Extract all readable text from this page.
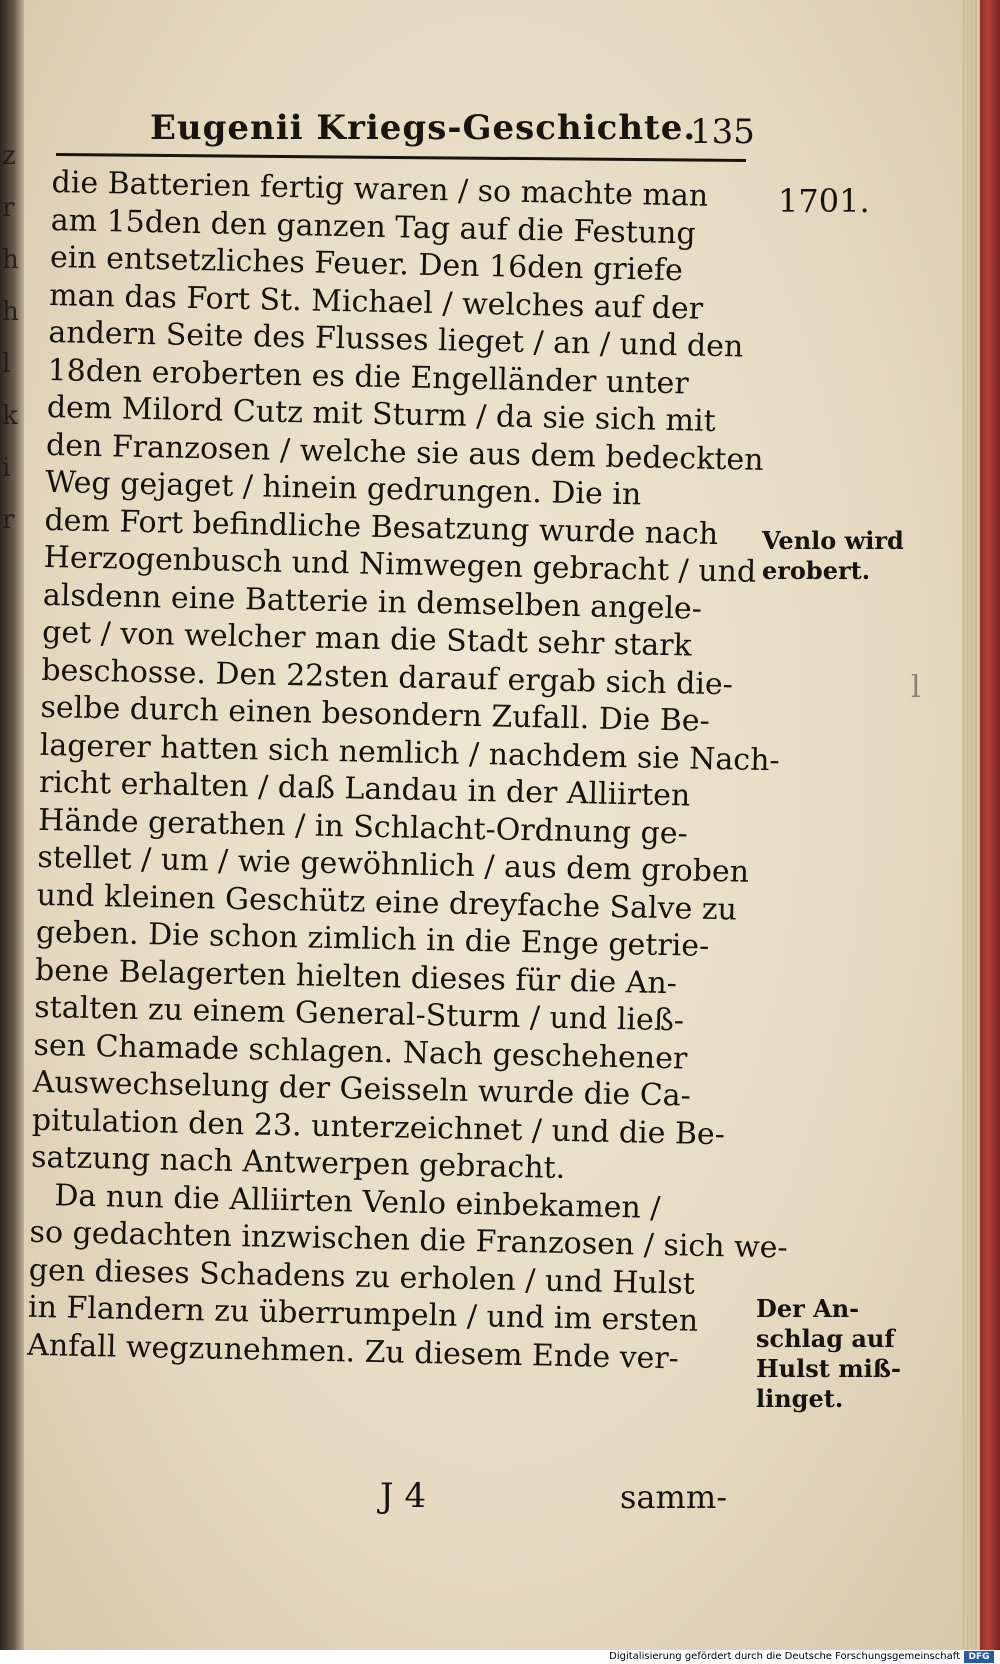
z
r
h
h
l
k
i
r
Eugenii Kriegs-Geschichte.
135
1701.
die Batterien fertig waren / so machte man
am 15den den ganzen Tag auf die Festung
ein entsetzliches Feuer. Den 16den griefe
man das Fort St. Michael / welches auf der
andern Seite des Flusses lieget / an / und den
18den eroberten es die Engelländer unter
dem Milord Cutz mit Sturm / da sie sich mit
den Franzosen / welche sie aus dem bedeckten
Weg gejaget / hinein gedrungen. Die in
dem Fort befindliche Besatzung wurde nach
Herzogenbusch und Nimwegen gebracht / und
alsdenn eine Batterie in demselben angele-
get / von welcher man die Stadt sehr stark
beschosse. Den 22sten darauf ergab sich die-
selbe durch einen besondern Zufall. Die Be-
lagerer hatten sich nemlich / nachdem sie Nach-
richt erhalten / daß Landau in der Alliirten
Hände gerathen / in Schlacht-Ordnung ge-
stellet / um / wie gewöhnlich / aus dem groben
und kleinen Geschütz eine dreyfache Salve zu
geben. Die schon zimlich in die Enge getrie-
bene Belagerten hielten dieses für die An-
stalten zu einem General-Sturm / und ließ-
sen Chamade schlagen. Nach geschehener
Auswechselung der Geisseln wurde die Ca-
pitulation den 23. unterzeichnet / und die Be-
satzung nach Antwerpen gebracht.
Da nun die Alliirten Venlo einbekamen /
so gedachten inzwischen die Franzosen / sich we-
gen dieses Schadens zu erholen / und Hulst
in Flandern zu überrumpeln / und im ersten
Anfall wegzunehmen. Zu diesem Ende ver-
Venlo wird
erobert.
Der An-
schlag auf
Hulst miß-
linget.
l
J 4	samm-
Digitalisierung gefördert durch die Deutsche Forschungsgemeinschaft DFG
